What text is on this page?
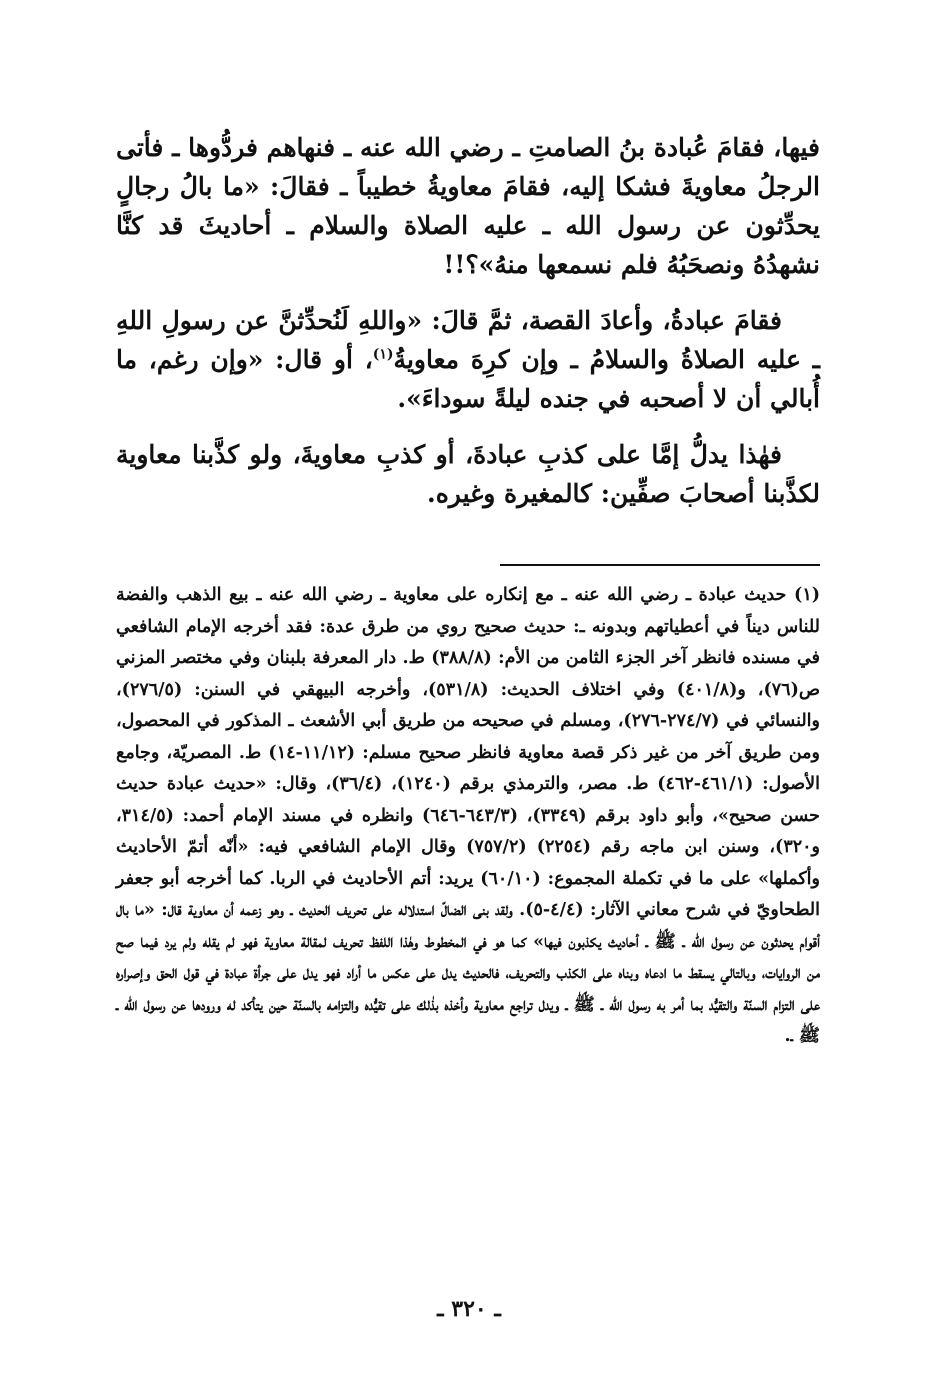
فيها، فقامَ عُبادة بنُ الصامتِ ـ رضي الله عنه ـ فنهاهم فردُّوها ـ فأتى الرجلُ معاويةَ فشكا إليه، فقامَ معاويةُ خطيباً ـ فقالَ: «ما بالُ رجالٍ يحدِّثون عن رسول الله ـ عليه الصلاة والسلام ـ أحاديثَ قد كنَّا نشهدُهُ ونصحَبُهُ فلم نسمعها منهُ»؟!!

فقامَ عبادةُ، وأعادَ القصة، ثمَّ قالَ: «واللهِ لَنُحدِّثنَّ عن رسولِ اللهِ ـ عليه الصلاةُ والسلامُ ـ وإن كرِهَ معاويةُ$^{(١)}$، أو قال: «وإن رغم، ما أُبالي أن لا أصحبه في جنده ليلةً سوداءَ».

فهٰذا يدلُّ إمَّا على كذبِ عبادةَ، أو كذبِ معاويةَ، ولو كذَّبنا معاوية لكذَّبنا أصحابَ صفِّين: كالمغيرة وغيره.

(١) حديث عبادة ـ رضي الله عنه ـ مع إنكاره على معاوية ـ رضي الله عنه ـ بيع الذهب والفضة للناس ديناً في أعطياتهم وبدونه ـ: حديث صحيح روي من طرق عدة: فقد أخرجه الإمام الشافعي في مسنده فانظر آخر الجزء الثامن من الأم: (٣٨٨/٨) ط. دار المعرفة بلبنان وفي مختصر المزني ص(٧٦)، و(٤٠١/٨) وفي اختلاف الحديث: (٥٣١/٨)، وأخرجه البيهقي في السنن: (٢٧٦/٥)، والنسائي في (٢٧٤/٧-٢٧٦)، ومسلم في صحيحه من طريق أبي الأشعث ـ المذكور في المحصول، ومن طريق آخر من غير ذكر قصة معاوية فانظر صحيح مسلم: (١١/١٢-١٤) ط. المصريّة، وجامع الأصول: (٤٦١/١-٤٦٢) ط. مصر، والترمذي برقم (١٢٤٠)، (٣٦/٤)، وقال: «حديث عبادة حديث حسن صحيح»، وأبو داود برقم (٣٣٤٩)، (٦٤٣/٣-٦٤٦) وانظره في مسند الإمام أحمد: (٣١٤/٥، و٣٢٠)، وسنن ابن ماجه رقم (٢٢٥٤) (٧٥٧/٢) وقال الإمام الشافعي فيه: «أنّه أتمّ الأحاديث وأكملها» على ما في تكملة المجموع: (٦٠/١٠) يريد: أتم الأحاديث في الربا. كما أخرجه أبو جعفر الطحاويّ في شرح معاني الآثار: (٤/٤-٥). ولقد بنى الضالّ استدلاله على تحريف الحديث ـ وهو زعمه أن معاوية قال: «ما بال أقوام يحدثون عن رسول الله ـ ﷺ ـ أحاديث يكذبون فيها» كما هو في المخطوط وهٰذا اللفظ تحريف لمقالة معاوية فهو لم يقله ولم يرد فيما صح من الروايات، وبالتالي يسقط ما ادعاه وبناه على الكذب والتحريف، فالحديث يدل على عكس ما أراد فهو يدل على جرأة عبادة في قول الحق وإصراره على التزام السنّة والتقيُّد بما أمر به رسول الله ـ ﷺ ـ ويدل تراجع معاوية وأخذه بذٰلك على تقيُّده والتزامه بالسنّة حين يتأكد له ورودها عن رسول الله ـ ﷺ ـ.

ـ ٣٢٠ ـ
